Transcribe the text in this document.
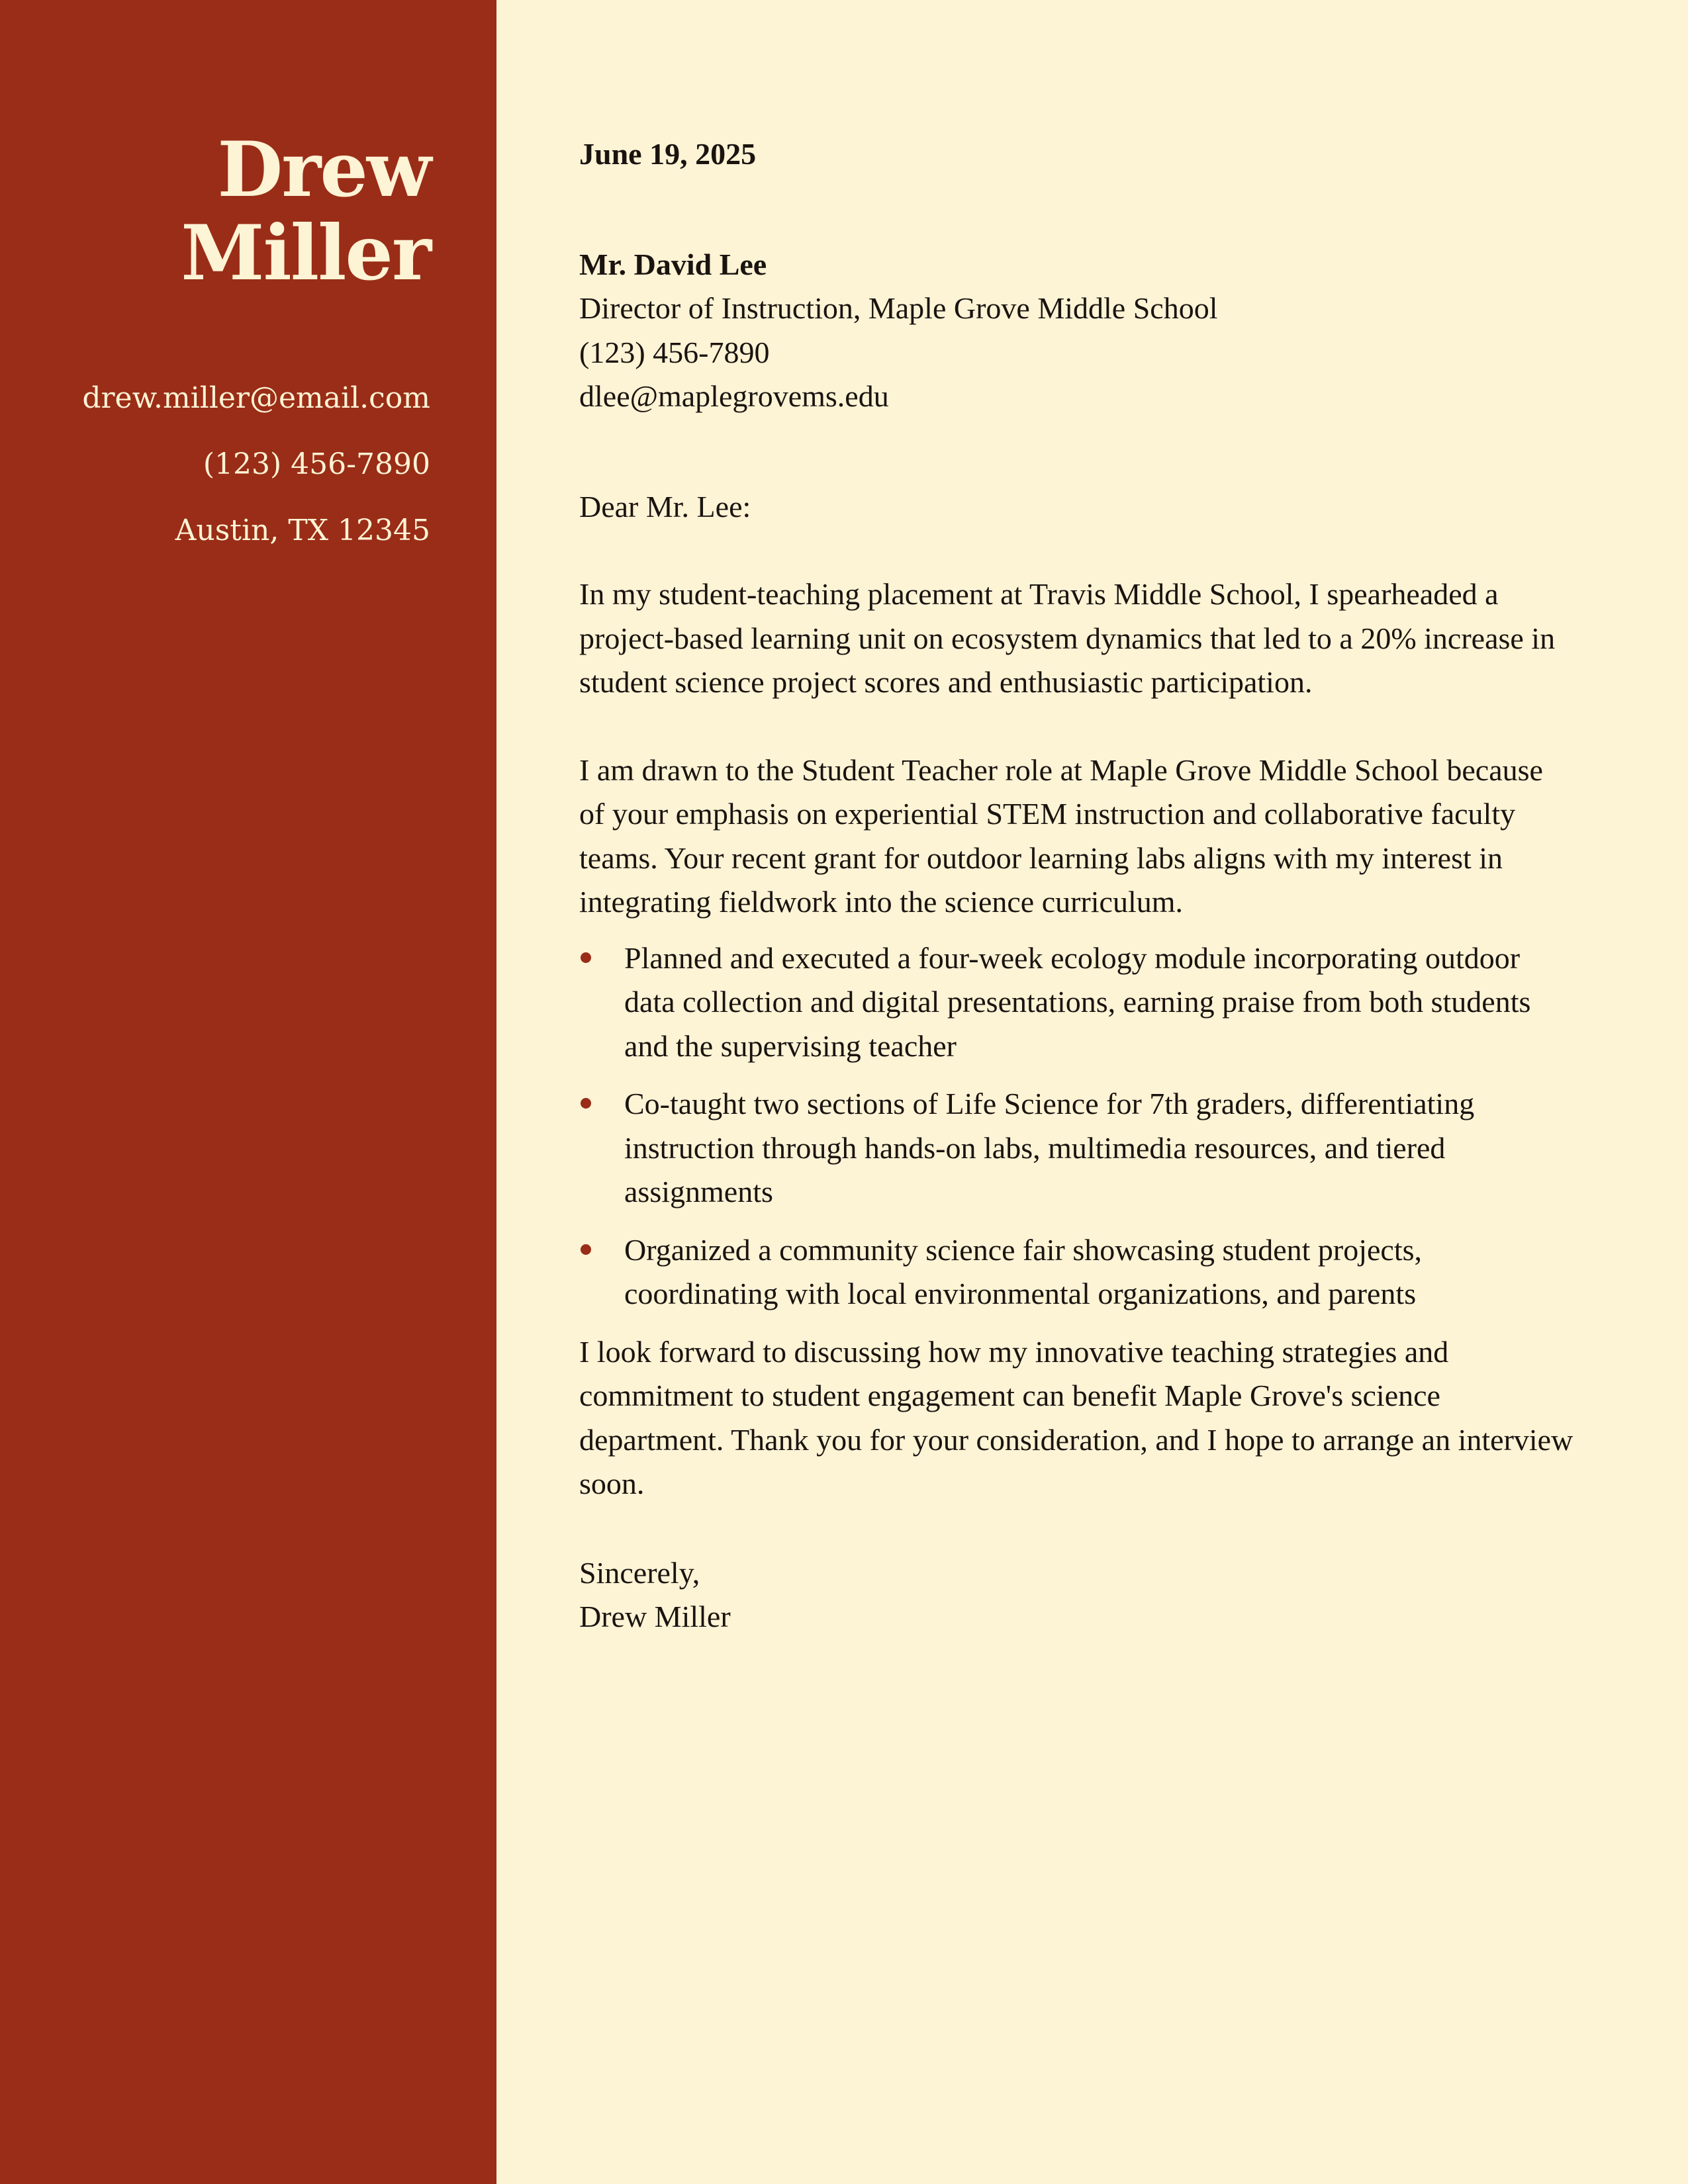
Drew
Miller
drew.miller@email.com
(123) 456-7890
Austin, TX 12345

June 19, 2025

Mr. David Lee
Director of Instruction, Maple Grove Middle School
(123) 456-7890
dlee@maplegrovems.edu
Dear Mr. Lee:

In my student-teaching placement at Travis Middle School, I spearheaded a project-based learning unit on ecosystem dynamics that led to a 20% increase in student science project scores and enthusiastic participation.

I am drawn to the Student Teacher role at Maple Grove Middle School because of your emphasis on experiential STEM instruction and collaborative faculty teams. Your recent grant for outdoor learning labs aligns with my interest in integrating fieldwork into the science curriculum.

Planned and executed a four-week ecology module incorporating outdoor data collection and digital presentations, earning praise from both students and the supervising teacher
Co-taught two sections of Life Science for 7th graders, differentiating instruction through hands-on labs, multimedia resources, and tiered assignments
Organized a community science fair showcasing student projects, coordinating with local environmental organizations, and parents

I look forward to discussing how my innovative teaching strategies and commitment to student engagement can benefit Maple Grove's science department. Thank you for your consideration, and I hope to arrange an interview soon.

Sincerely,
Drew Miller
